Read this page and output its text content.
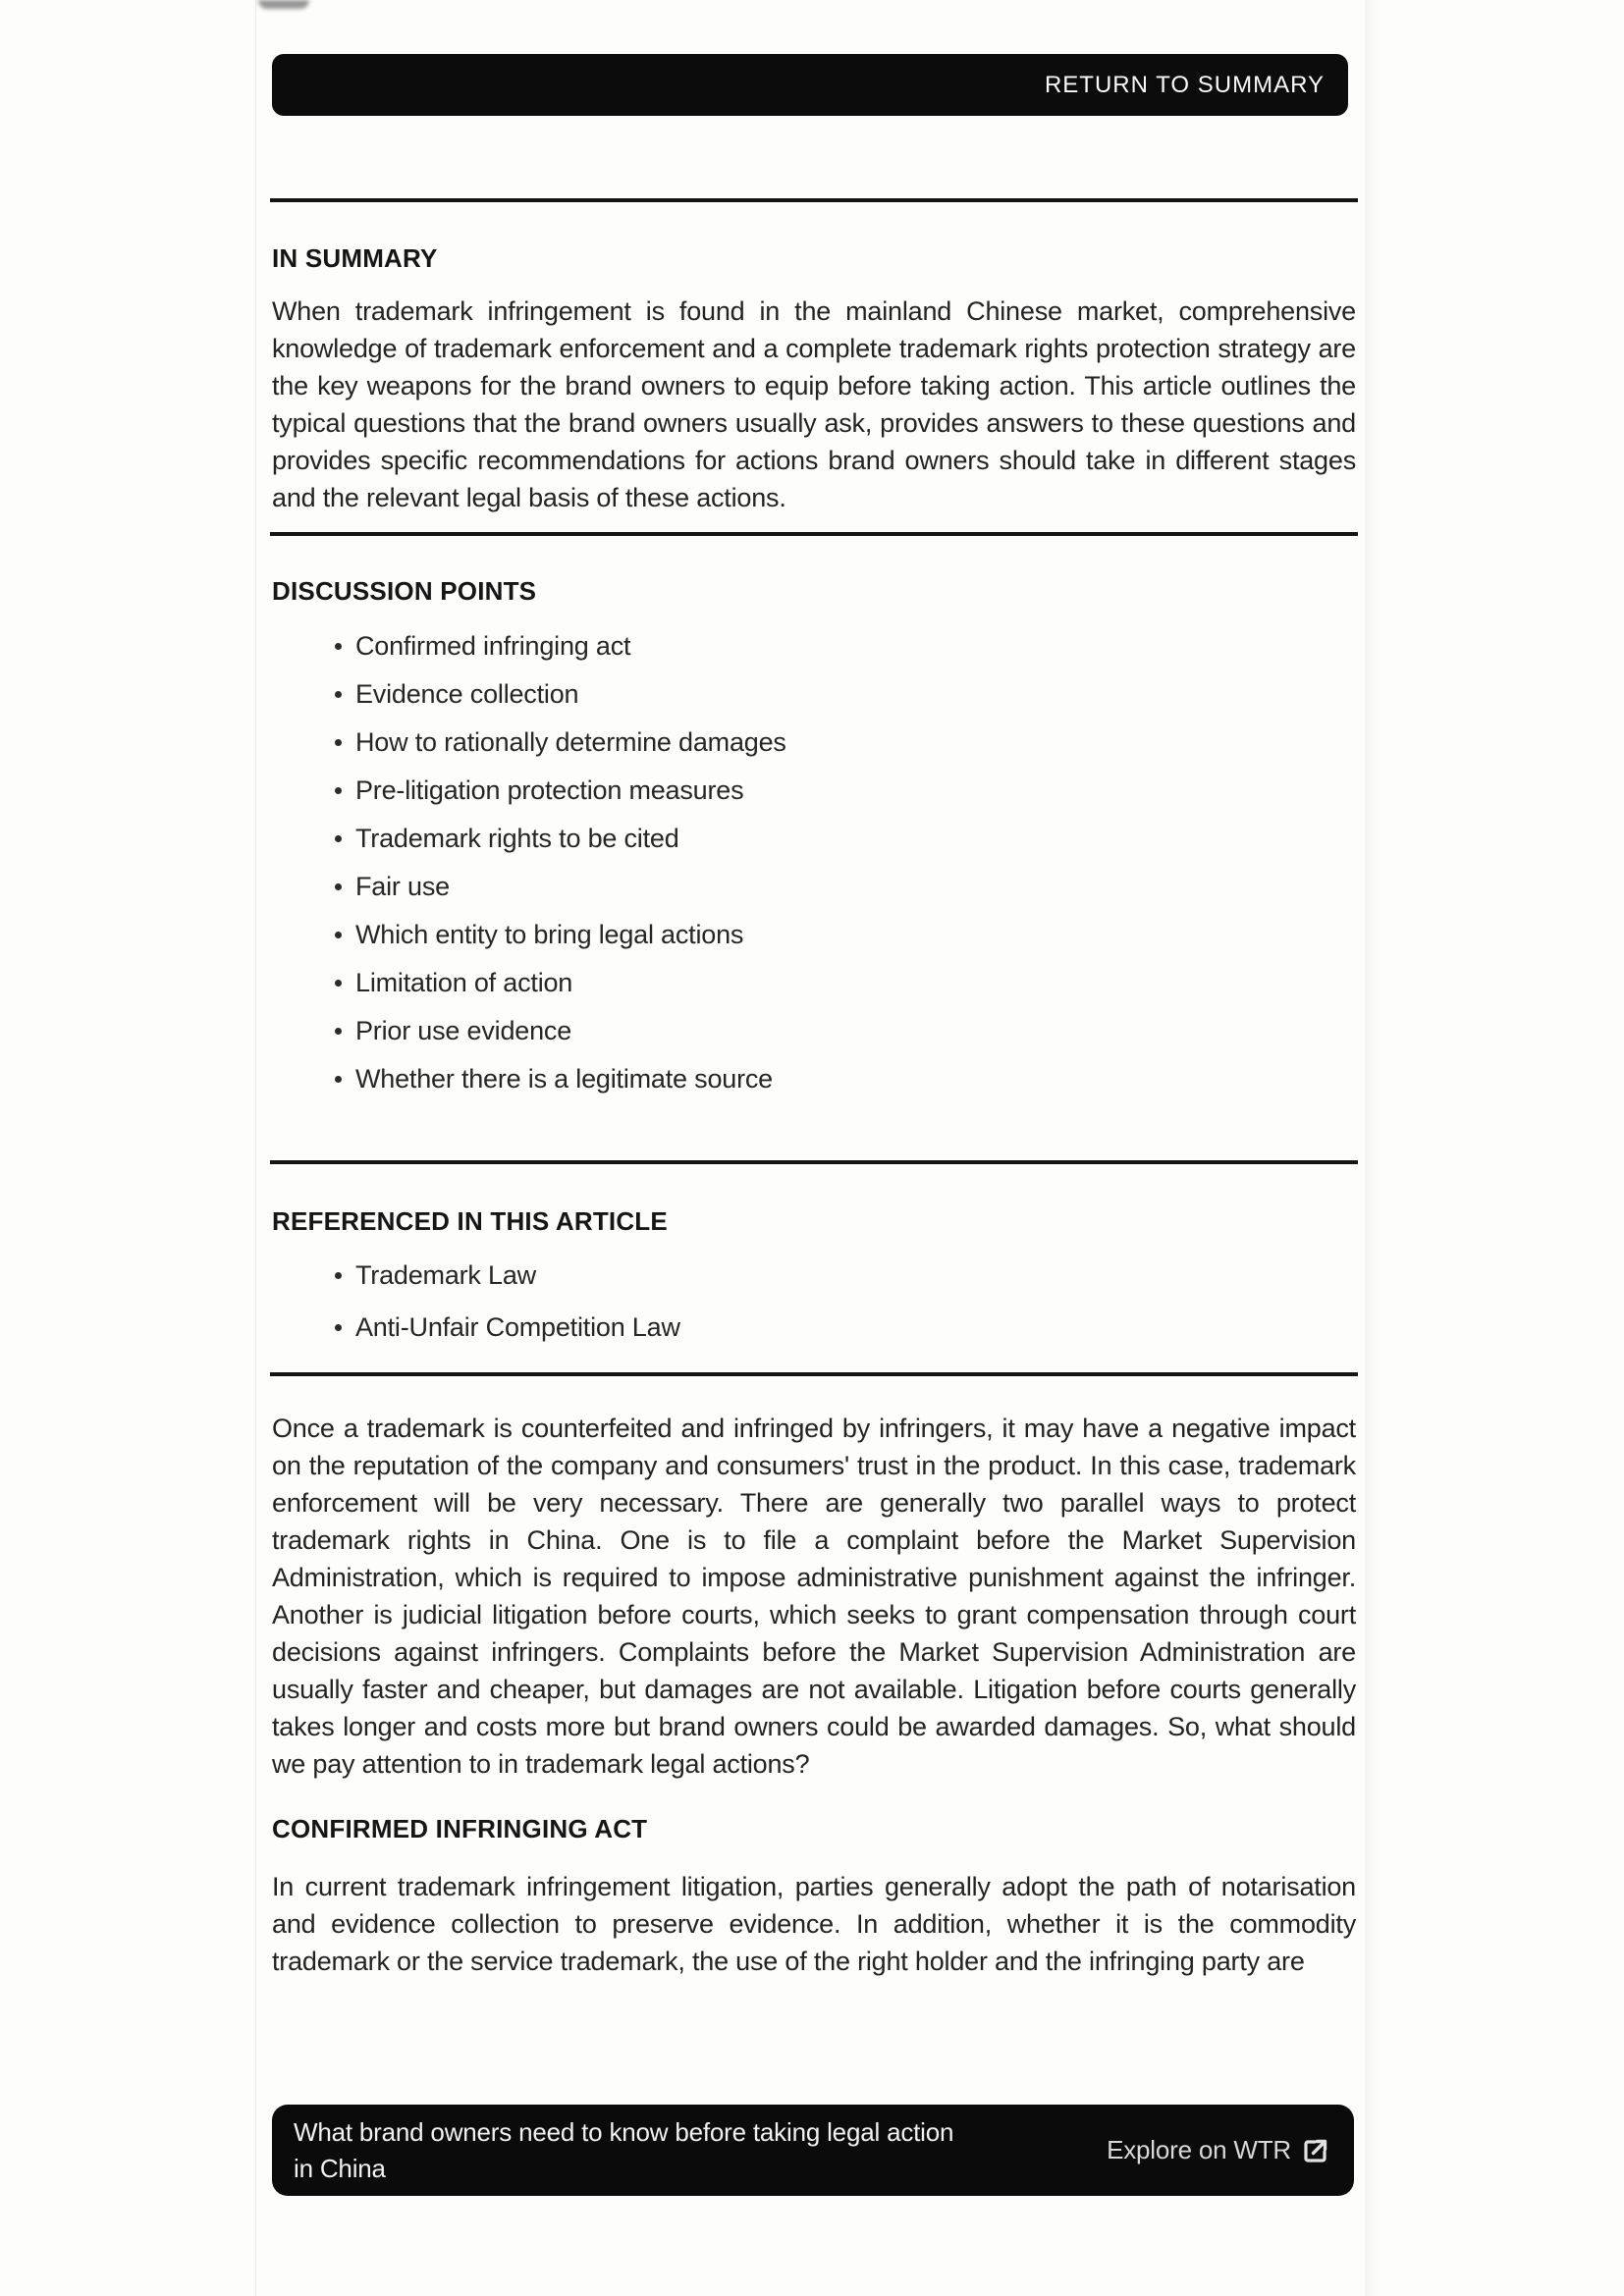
RETURN TO SUMMARY
IN SUMMARY

When trademark infringement is found in the mainland Chinese market, comprehensive knowledge of trademark enforcement and a complete trademark rights protection strategy are the key weapons for the brand owners to equip before taking action. This article outlines the typical questions that the brand owners usually ask, provides answers to these questions and provides specific recommendations for actions brand owners should take in different stages and the relevant legal basis of these actions.

DISCUSSION POINTS
Confirmed infringing act
Evidence collection
How to rationally determine damages
Pre-litigation protection measures
Trademark rights to be cited
Fair use
Which entity to bring legal actions
Limitation of action
Prior use evidence
Whether there is a legitimate source
REFERENCED IN THIS ARTICLE
Trademark Law
Anti-Unfair Competition Law

Once a trademark is counterfeited and infringed by infringers, it may have a negative impact on the reputation of the company and consumers' trust in the product. In this case, trademark enforcement will be very necessary. There are generally two parallel ways to protect trademark rights in China. One is to file a complaint before the Market Supervision Administration, which is required to impose administrative punishment against the infringer. Another is judicial litigation before courts, which seeks to grant compensation through court decisions against infringers. Complaints before the Market Supervision Administration are usually faster and cheaper, but damages are not available. Litigation before courts generally takes longer and costs more but brand owners could be awarded damages. So, what should we pay attention to in trademark legal actions?

CONFIRMED INFRINGING ACT

In current trademark infringement litigation, parties generally adopt the path of notarisation and evidence collection to preserve evidence. In addition, whether it is the commodity trademark or the service trademark, the use of the right holder and the infringing party are

What brand owners need to know before taking legal action
in China
Explore on WTR
